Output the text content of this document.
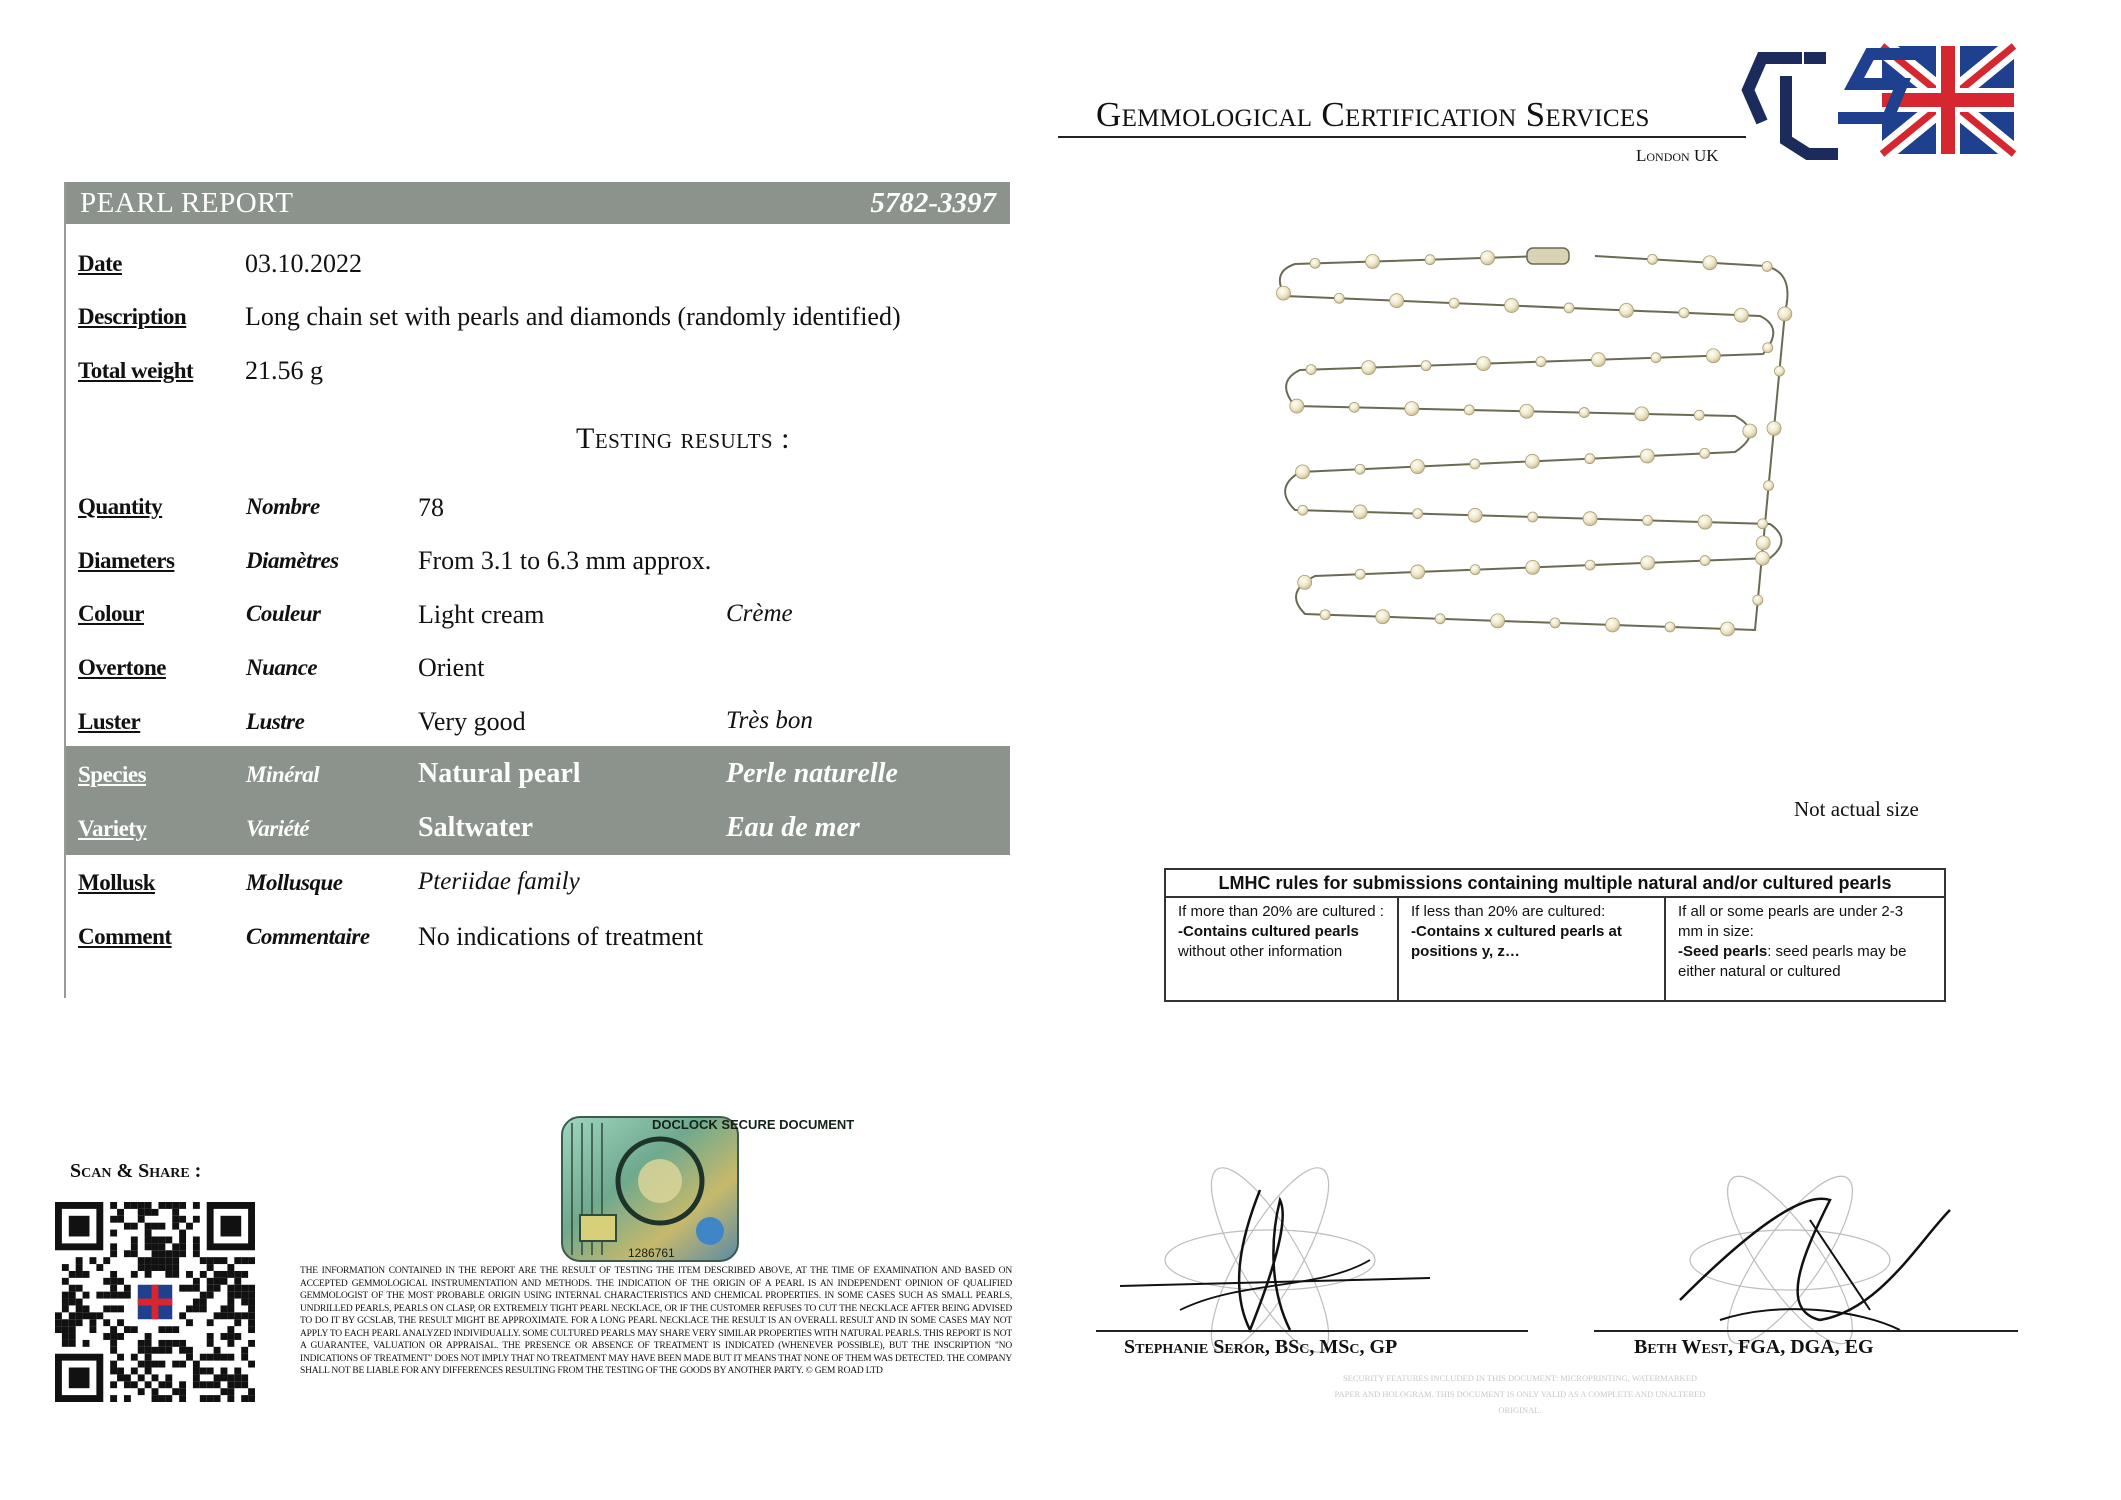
Gemmological Certification Services
London UK
PEARL REPORT	5782-3397
Date	03.10.2022
Description Long chain set with pearls and diamonds (randomly identified)
Total weight 21.56 g
Testing results :
Quantity	Nombre	78
Diameters	Diamètres	From 3.1 to 6.3 mm approx.
Colour	Couleur	Light cream	Crème
Overtone	Nuance	Orient
Luster	Lustre	Very good	Très bon
Species	Minéral	Natural pearl	Perle naturelle
Variety	Variété	Saltwater	Eau de mer
Mollusk	Mollusque	Pteriidae family
Comment	Commentaire No indications of treatment
Not actual size
LMHC rules for submissions containing multiple natural and/or cultured pearls
If more than 20% are cultured :
-Contains cultured pearls
without other information
If less than 20% are cultured:
-Contains x cultured pearls at positions y, z…
If all or some pearls are under 2-3 mm in size:
-Seed pearls: seed pearls may be either natural or cultured
Scan & Share :
DOCLOCK SECURE DOCUMENT
1286761
THE INFORMATION CONTAINED IN THE REPORT ARE THE RESULT OF TESTING THE ITEM DESCRIBED ABOVE, AT THE TIME OF EXAMINATION AND BASED ON ACCEPTED GEMMOLOGICAL INSTRUMENTATION AND METHODS. THE INDICATION OF THE ORIGIN OF A PEARL IS AN INDEPENDENT OPINION OF QUALIFIED GEMMOLOGIST OF THE MOST PROBABLE ORIGIN USING INTERNAL CHARACTERISTICS AND CHEMICAL PROPERTIES. IN SOME CASES SUCH AS SMALL PEARLS, UNDRILLED PEARLS, PEARLS ON CLASP, OR EXTREMELY TIGHT PEARL NECKLACE, OR IF THE CUSTOMER REFUSES TO CUT THE NECKLACE AFTER BEING ADVISED TO DO IT BY GCSLAB, THE RESULT MIGHT BE APPROXIMATE. FOR A LONG PEARL NECKLACE THE RESULT IS AN OVERALL RESULT AND IN SOME CASES MAY NOT APPLY TO EACH PEARL ANALYZED INDIVIDUALLY. SOME CULTURED PEARLS MAY SHARE VERY SIMILAR PROPERTIES WITH NATURAL PEARLS. THIS REPORT IS NOT A GUARANTEE, VALUATION OR APPRAISAL. THE PRESENCE OR ABSENCE OF TREATMENT IS INDICATED (WHENEVER POSSIBLE), BUT THE INSCRIPTION "NO INDICATIONS OF TREATMENT" DOES NOT IMPLY THAT NO TREATMENT MAY HAVE BEEN MADE BUT IT MEANS THAT NONE OF THEM WAS DETECTED. THE COMPANY SHALL NOT BE LIABLE FOR ANY DIFFERENCES RESULTING FROM THE TESTING OF THE GOODS BY ANOTHER PARTY. © GEM ROAD LTD
Stephanie Seror, BSc, MSc, GP	Beth West, FGA, DGA, EG
SECURITY FEATURES INCLUDED IN THIS DOCUMENT: MICROPRINTING, WATERMARKED PAPER AND HOLOGRAM. THIS DOCUMENT IS ONLY VALID AS A COMPLETE AND UNALTERED ORIGINAL.
